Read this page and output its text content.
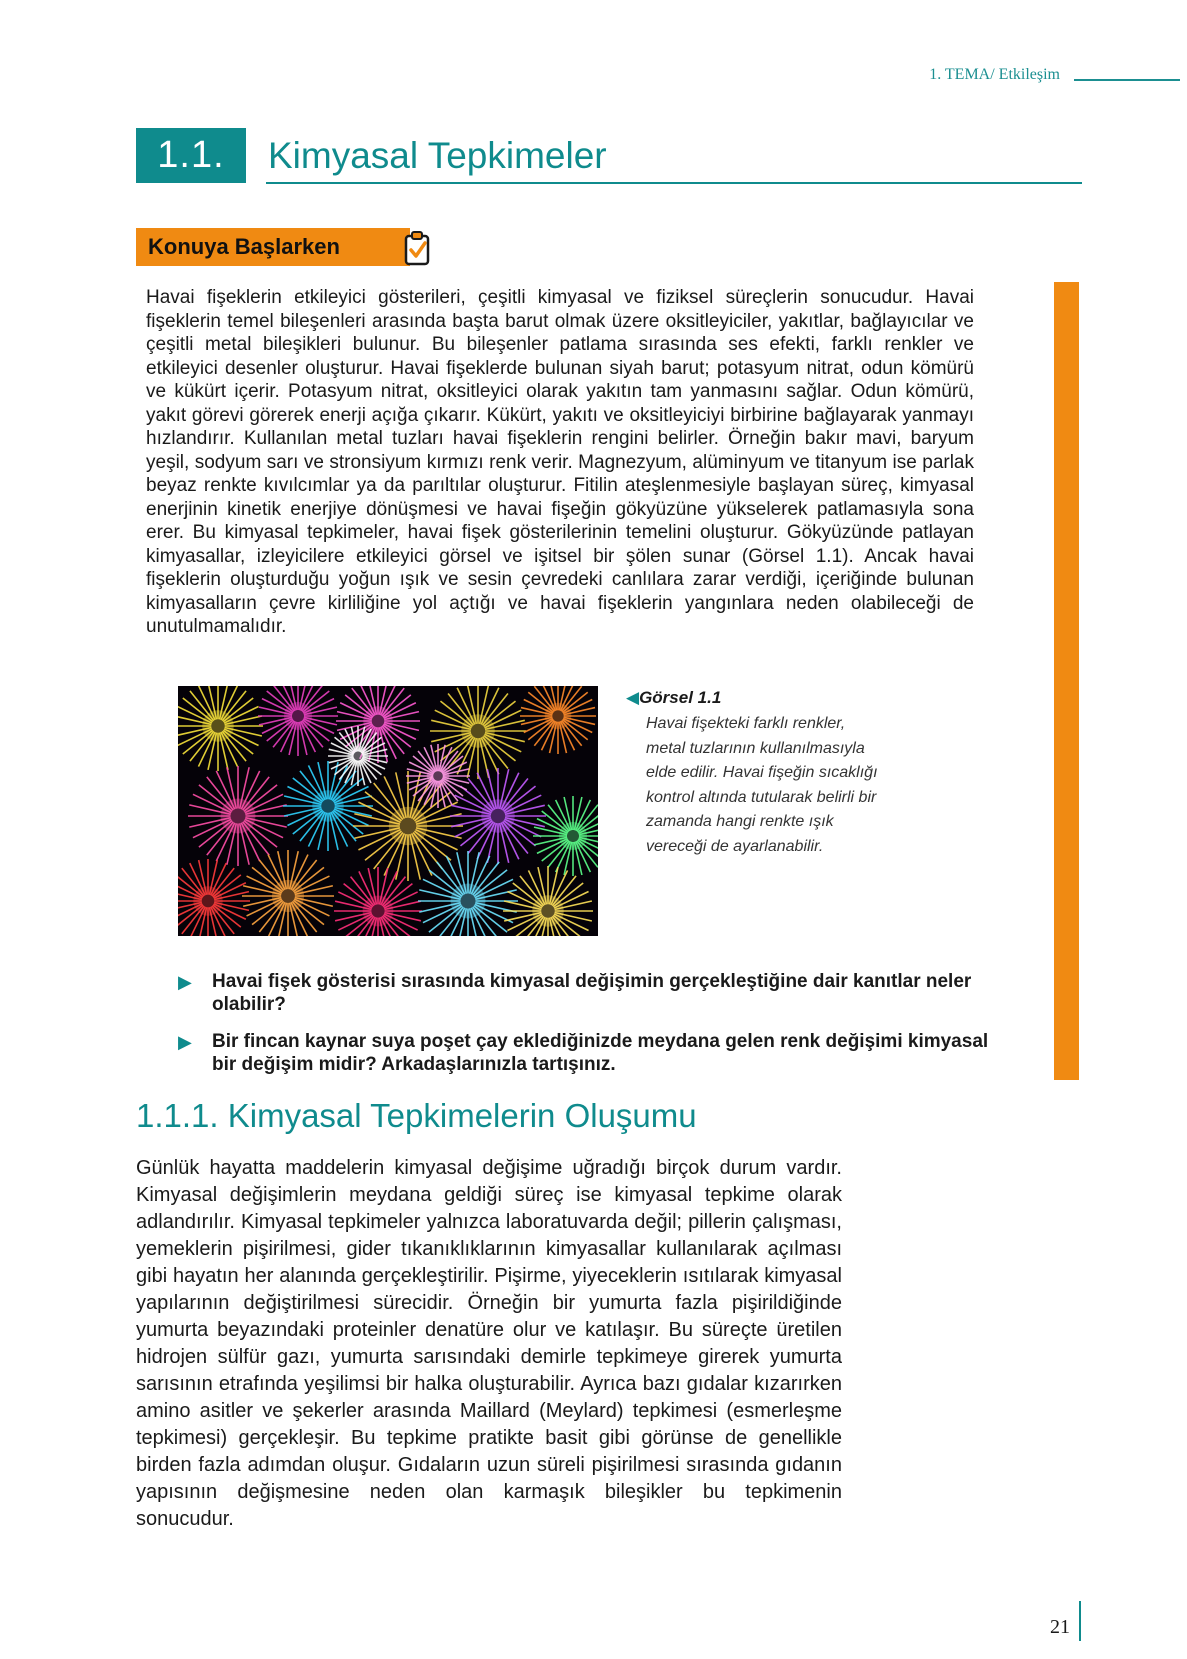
1. TEMA/ Etkileşim
1.1.	Kimyasal Tepkimeler
Konuya Başlarken
Havai fişeklerin etkileyici gösterileri, çeşitli kimyasal ve fiziksel süreçlerin sonucudur. Havai fişeklerin temel bileşenleri arasında başta barut olmak üzere oksitleyiciler, yakıtlar, bağlayıcılar ve çeşitli metal bileşikleri bulunur. Bu bileşenler patlama sırasında ses efekti, farklı renkler ve etkileyici desenler oluşturur. Havai fişeklerde bulunan siyah barut; potasyum nitrat, odun kömürü ve kükürt içerir. Potasyum nitrat, oksitleyici olarak yakıtın tam yanmasını sağlar. Odun kömürü, yakıt görevi görerek enerji açığa çıkarır. Kükürt, yakıtı ve oksitleyiciyi birbirine bağlayarak yanmayı hızlandırır. Kullanılan metal tuzları havai fişeklerin rengini belirler. Örneğin bakır mavi, baryum yeşil, sodyum sarı ve stronsiyum kırmızı renk verir. Magnezyum, alüminyum ve titanyum ise parlak beyaz renkte kıvılcımlar ya da parıltılar oluşturur. Fitilin ateşlenmesiyle başlayan süreç, kimyasal enerjinin kinetik enerjiye dönüşmesi ve havai fişeğin gökyüzüne yükselerek patlamasıyla sona erer. Bu kimyasal tepkimeler, havai fişek gösterilerinin temelini oluşturur. Gökyüzünde patlayan kimyasallar, izleyicilere etkileyici görsel ve işitsel bir şölen sunar (Görsel 1.1). Ancak havai fişeklerin oluşturduğu yoğun ışık ve sesin çevredeki canlılara zarar verdiği, içeriğinde bulunan kimyasalların çevre kirliliğine yol açtığı ve havai fişeklerin yangınlara neden olabileceği de unutulmamalıdır.
◀Görsel 1.1
Havai fişekteki farklı renkler, metal tuzlarının kullanılmasıyla elde edilir. Havai fişeğin sıcaklığı kontrol altında tutularak belirli bir zamanda hangi renkte ışık vereceği de ayarlanabilir.
▶ Havai fişek gösterisi sırasında kimyasal değişimin gerçekleştiğine dair kanıtlar neler olabilir?
▶ Bir fincan kaynar suya poşet çay eklediğinizde meydana gelen renk değişimi kimyasal bir değişim midir? Arkadaşlarınızla tartışınız.
1.1.1. Kimyasal Tepkimelerin Oluşumu
Günlük hayatta maddelerin kimyasal değişime uğradığı birçok durum vardır. Kimyasal değişimlerin meydana geldiği süreç ise kimyasal tepkime olarak adlandırılır. Kimyasal tepkimeler yalnızca laboratuvarda değil; pillerin çalışması, yemeklerin pişirilmesi, gider tıkanıklıklarının kimyasallar kullanılarak açılması gibi hayatın her alanında gerçekleştirilir. Pişirme, yiyeceklerin ısıtılarak kimyasal yapılarının değiştirilmesi sürecidir. Örneğin bir yumurta fazla pişirildiğinde yumurta beyazındaki proteinler denatüre olur ve katılaşır. Bu süreçte üretilen hidrojen sülfür gazı, yumurta sarısındaki demirle tepkimeye girerek yumurta sarısının etrafında yeşilimsi bir halka oluşturabilir. Ayrıca bazı gıdalar kızarırken amino asitler ve şekerler arasında Maillard (Meylard) tepkimesi (esmerleşme tepkimesi) gerçekleşir. Bu tepkime pratikte basit gibi görünse de genellikle birden fazla adımdan oluşur. Gıdaların uzun süreli pişirilmesi sırasında gıdanın yapısının değişmesine neden olan karmaşık bileşikler bu tepkimenin sonucudur.
21
